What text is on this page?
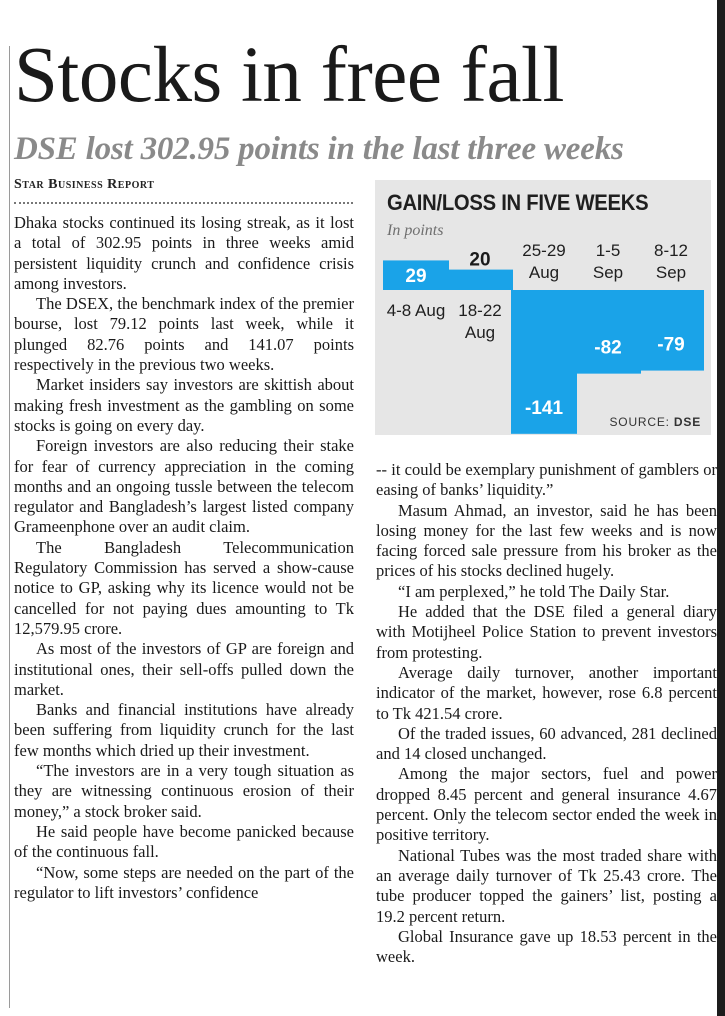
Stocks in free fall
DSE lost 302.95 points in the last three weeks
Star Business Report

Dhaka stocks continued its losing streak, as it lost a total of 302.95 points in three weeks amid persistent liquidity crunch and confidence crisis among investors.

The DSEX, the benchmark index of the premier bourse, lost 79.12 points last week, while it plunged 82.76 points and 141.07 points respectively in the previous two weeks.

Market insiders say investors are skittish about making fresh investment as the gambling on some stocks is going on every day.

Foreign investors are also reducing their stake for fear of currency appreciation in the coming months and an ongoing tussle between the telecom regulator and Bangladesh’s largest listed company Grameenphone over an audit claim.

The Bangladesh Telecommunication Regulatory Commission has served a show-cause notice to GP, asking why its licence would not be cancelled for not paying dues amounting to Tk 12,579.95 crore.

As most of the investors of GP are foreign and institutional ones, their sell-offs pulled down the market.

Banks and financial institutions have already been suffering from liquidity crunch for the last few months which dried up their investment.

“The investors are in a very tough situation as they are witnessing continuous erosion of their money,” a stock broker said.

He said people have become panicked because of the continuous fall.

“Now, some steps are needed on the part of the regulator to lift investors’ confidence

GAIN/LOSS IN FIVE WEEKS
In points
29
4-8 Aug
20
18-22 Aug
-141
25-29 Aug
-82
1-5 Sep
-79
8-12 Sep
SOURCE: DSE

-- it could be exemplary punishment of gamblers or easing of banks’ liquidity.”

Masum Ahmad, an investor, said he has been losing money for the last few weeks and is now facing forced sale pressure from his broker as the prices of his stocks declined hugely.

“I am perplexed,” he told The Daily Star.

He added that the DSE filed a general diary with Motijheel Police Station to prevent investors from protesting.

Average daily turnover, another important indicator of the market, however, rose 6.8 percent to Tk 421.54 crore.

Of the traded issues, 60 advanced, 281 declined and 14 closed unchanged.

Among the major sectors, fuel and power dropped 8.45 percent and general insurance 4.67 percent. Only the telecom sector ended the week in positive territory.

National Tubes was the most traded share with an average daily turnover of Tk 25.43 crore. The tube producer topped the gainers’ list, posting a 19.2 percent return.

Global Insurance gave up 18.53 percent in the week.
